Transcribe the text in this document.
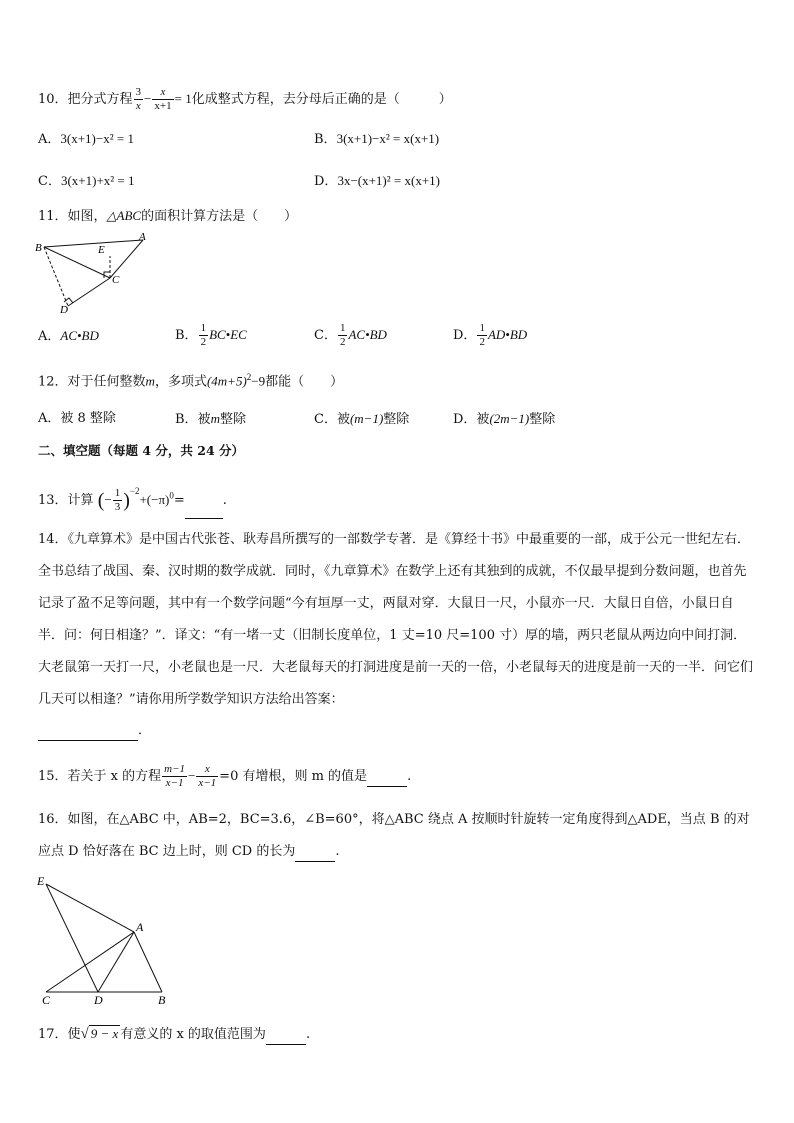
10．把分式方程 $\frac{3}{x} - \frac{x}{x+1} = 1$化成整式方程，去分母后正确的是（　　　）
A．3(x+1)−x² = 1	B．3(x+1)−x² = x(x+1)
C．3(x+1)+x² = 1	D．3x−(x+1)² = x(x+1)
11．如图，△ABC的面积计算方法是（　　）
A
B
C
D
E
A．AC•BD	B． $\frac{1}{2}$ BC•EC	C． $\frac{1}{2}$ AC•BD	D． $\frac{1}{2}$ AD•BD
12．对于任何整数m，多项式$(4m+5)^2-9$都能（　　）
A．被 8 整除	B．被m整除	C．被(m−1)整除	D．被(2m−1)整除
二、填空题（每题 4 分，共 24 分）
13．计算 (− $\frac{1}{3} )^{-2}+(-\pi)^0=$	.
14．《九章算术》是中国古代张苍、耿寿昌所撰写的一部数学专著．是《算经十书》中最重要的一部，成于公元一世纪左右．全书总结了战国、秦、汉时期的数学成就．同时，《九章算术》在数学上还有其独到的成就，不仅最早提到分数问题，也首先记录了盈不足等问题，其中有一个数学问题“今有垣厚一丈，两鼠对穿．大鼠日一尺，小鼠亦一尺．大鼠日自倍，小鼠日自半．问：何日相逢？”．译文：“有一堵一丈（旧制长度单位，1 丈=10 尺=100 寸）厚的墙，两只老鼠从两边向中间打洞．大老鼠第一天打一尺，小老鼠也是一尺．大老鼠每天的打洞进度是前一天的一倍，小老鼠每天的进度是前一天的一半．问它们几天可以相逢？”请你用所学数学知识方法给出答案：
．
15．若关于 x 的方程 $\frac{m-1}{x-1} - \frac{x}{x-1} =0$ 有增根，则 m 的值是	.
16．如图，在△ABC 中，AB=2，BC=3.6，∠B=60°，将△ABC 绕点 A 按顺时针旋转一定角度得到△ADE，当点 B 的对
应点 D 恰好落在 BC 边上时，则 CD 的长为	.
E
A
C	D	B
17．使√ 9 − x 有意义的 x 的取值范围为	.
